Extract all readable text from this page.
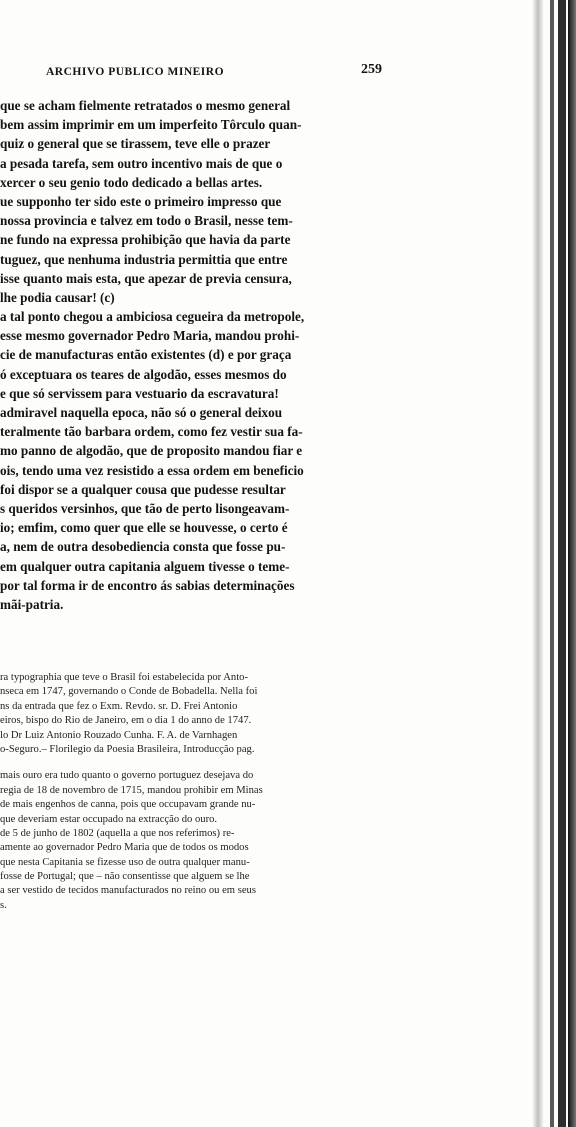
ARCHIVO PUBLICO MINEIRO	259
que se acham fielmente retratados o mesmo general
bem assim imprimir em um imperfeito Tôrculo quan-
quiz o general que se tirassem, teve elle o prazer
a pesada tarefa, sem outro incentivo mais de que o
xercer o seu genio todo dedicado a bellas artes.
ue supponho ter sido este o primeiro impresso que
nossa provincia e talvez em todo o Brasil, nesse tem-
ne fundo na expressa prohibição que havia da parte
tuguez, que nenhuma industria permittia que entre
isse quanto mais esta, que apezar de previa censura,
lhe podia causar! (c)
a tal ponto chegou a ambiciosa cegueira da metropole,
esse mesmo governador Pedro Maria, mandou prohi-
cie de manufacturas então existentes (d) e por graça
ó exceptuara os teares de algodão, esses mesmos do
e que só servissem para vestuario da escravatura!
admiravel naquella epoca, não só o general deixou
teralmente tão barbara ordem, como fez vestir sua fa-
mo panno de algodão, que de proposito mandou fiar e
ois, tendo uma vez resistido a essa ordem em beneficio
foi dispor se a qualquer cousa que pudesse resultar
s queridos versinhos, que tão de perto lisongeavam-
io; emfim, como quer que elle se houvesse, o certo é
a, nem de outra desobediencia consta que fosse pu-
em qualquer outra capitania alguem tivesse o teme-
por tal forma ir de encontro ás sabias determinações
mãi-patria.
ra typographia que teve o Brasil foi estabelecida por Anto-
nseca em 1747, governando o Conde de Bobadella. Nella foi
ns da entrada que fez o Exm. Revdo. sr. D. Frei Antonio
eiros, bispo do Rio de Janeiro, em o dia 1 do anno de 1747.
lo Dr Luiz Antonio Rouzado Cunha. F. A. de Varnhagen
o-Seguro.– Florilegio da Poesia Brasileira, Introducção pag.
mais ouro era tudo quanto o governo portuguez desejava do
regia de 18 de novembro de 1715, mandou prohibir em Minas
de mais engenhos de canna, pois que occupavam grande nu-
que deveriam estar occupado na extracção do ouro.
de 5 de junho de 1802 (aquella a que nos referimos) re-
amente ao governador Pedro Maria que de todos os modos
que nesta Capitania se fizesse uso de outra qualquer manu-
fosse de Portugal; que – não consentisse que alguem se lhe
a ser vestido de tecidos manufacturados no reino ou em seus
s.
